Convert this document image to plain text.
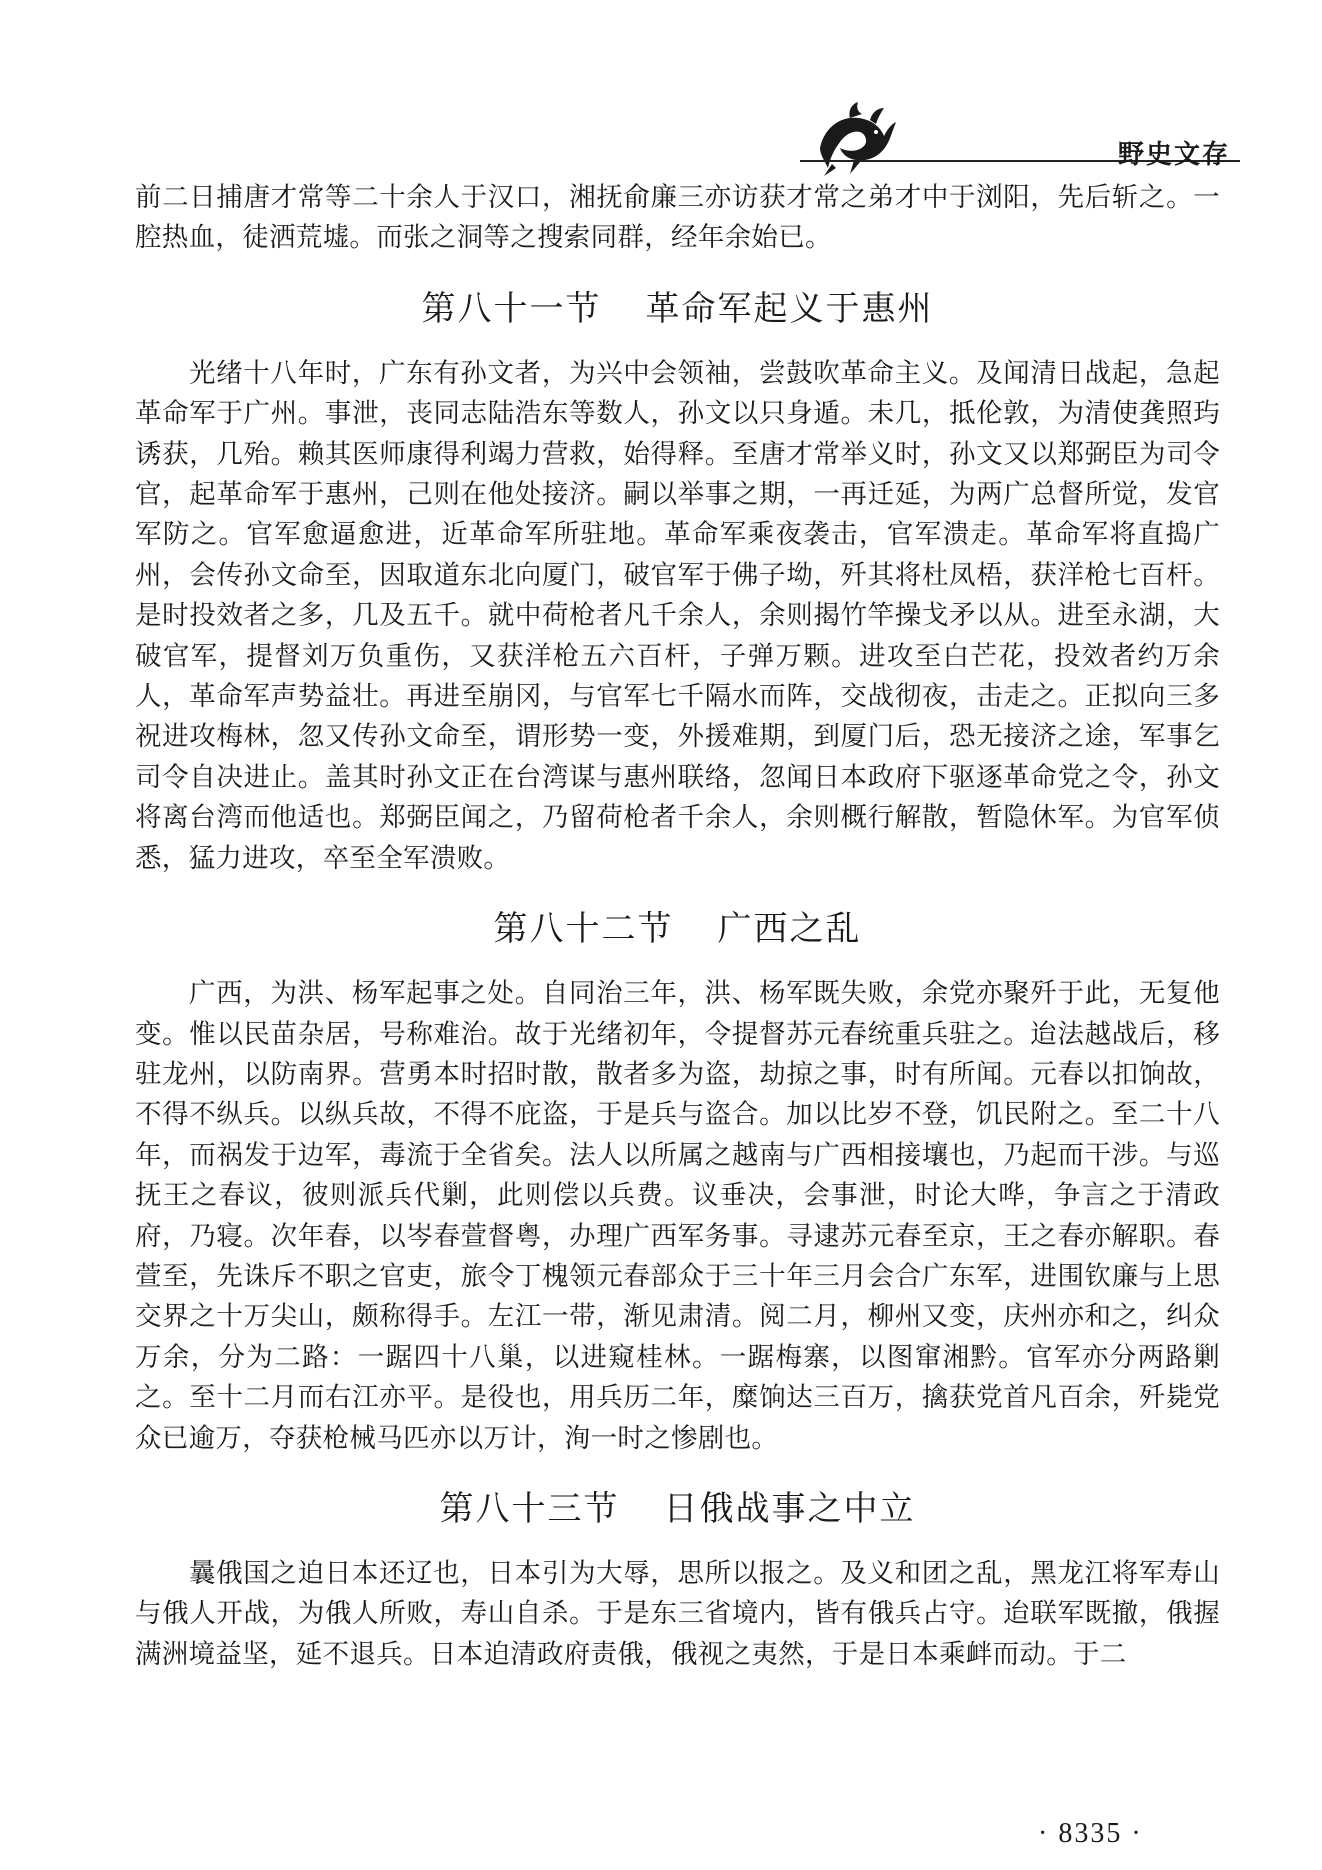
野史文存

前二日捕唐才常等二十余人于汉口，湘抚俞廉三亦访获才常之弟才中于浏阳，先后斩之。一腔热血，徒洒荒墟。而张之洞等之搜索同群，经年余始已。

第八十一节 革命军起义于惠州

光绪十八年时，广东有孙文者，为兴中会领袖，尝鼓吹革命主义。及闻清日战起，急起革命军于广州。事泄，丧同志陆浩东等数人，孙文以只身遁。未几，抵伦敦，为清使龚照玙诱获，几殆。赖其医师康得利竭力营救，始得释。至唐才常举义时，孙文又以郑弼臣为司令官，起革命军于惠州，己则在他处接济。嗣以举事之期，一再迁延，为两广总督所觉，发官军防之。官军愈逼愈进，近革命军所驻地。革命军乘夜袭击，官军溃走。革命军将直捣广州，会传孙文命至，因取道东北向厦门，破官军于佛子坳，歼其将杜凤梧，获洋枪七百杆。是时投效者之多，几及五千。就中荷枪者凡千余人，余则揭竹竿操戈矛以从。进至永湖，大破官军，提督刘万负重伤，又获洋枪五六百杆，子弹万颗。进攻至白芒花，投效者约万余人，革命军声势益壮。再进至崩冈，与官军七千隔水而阵，交战彻夜，击走之。正拟向三多祝进攻梅林，忽又传孙文命至，谓形势一变，外援难期，到厦门后，恐无接济之途，军事乞司令自决进止。盖其时孙文正在台湾谋与惠州联络，忽闻日本政府下驱逐革命党之令，孙文将离台湾而他适也。郑弼臣闻之，乃留荷枪者千余人，余则概行解散，暂隐休军。为官军侦悉，猛力进攻，卒至全军溃败。

第八十二节 广西之乱

广西，为洪、杨军起事之处。自同治三年，洪、杨军既失败，余党亦聚歼于此，无复他变。惟以民苗杂居，号称难治。故于光绪初年，令提督苏元春统重兵驻之。迨法越战后，移驻龙州，以防南界。营勇本时招时散，散者多为盗，劫掠之事，时有所闻。元春以扣饷故，不得不纵兵。以纵兵故，不得不庇盗，于是兵与盗合。加以比岁不登，饥民附之。至二十八年，而祸发于边军，毒流于全省矣。法人以所属之越南与广西相接壤也，乃起而干涉。与巡抚王之春议，彼则派兵代剿，此则偿以兵费。议垂决，会事泄，时论大哗，争言之于清政府，乃寝。次年春，以岑春萱督粤，办理广西军务事。寻逮苏元春至京，王之春亦解职。春萱至，先诛斥不职之官吏，旅令丁槐领元春部众于三十年三月会合广东军，进围钦廉与上思交界之十万尖山，颇称得手。左江一带，渐见肃清。阅二月，柳州又变，庆州亦和之，纠众万余，分为二路：一踞四十八巢，以进窥桂林。一踞梅寨，以图窜湘黔。官军亦分两路剿之。至十二月而右江亦平。是役也，用兵历二年，糜饷达三百万，擒获党首凡百余，歼毙党众已逾万，夺获枪械马匹亦以万计，洵一时之惨剧也。

第八十三节 日俄战事之中立

曩俄国之迫日本还辽也，日本引为大辱，思所以报之。及义和团之乱，黑龙江将军寿山与俄人开战，为俄人所败，寿山自杀。于是东三省境内，皆有俄兵占守。迨联军既撤，俄握满洲境益坚，延不退兵。日本迫清政府责俄，俄视之夷然，于是日本乘衅而动。于二

· 8335 ·
